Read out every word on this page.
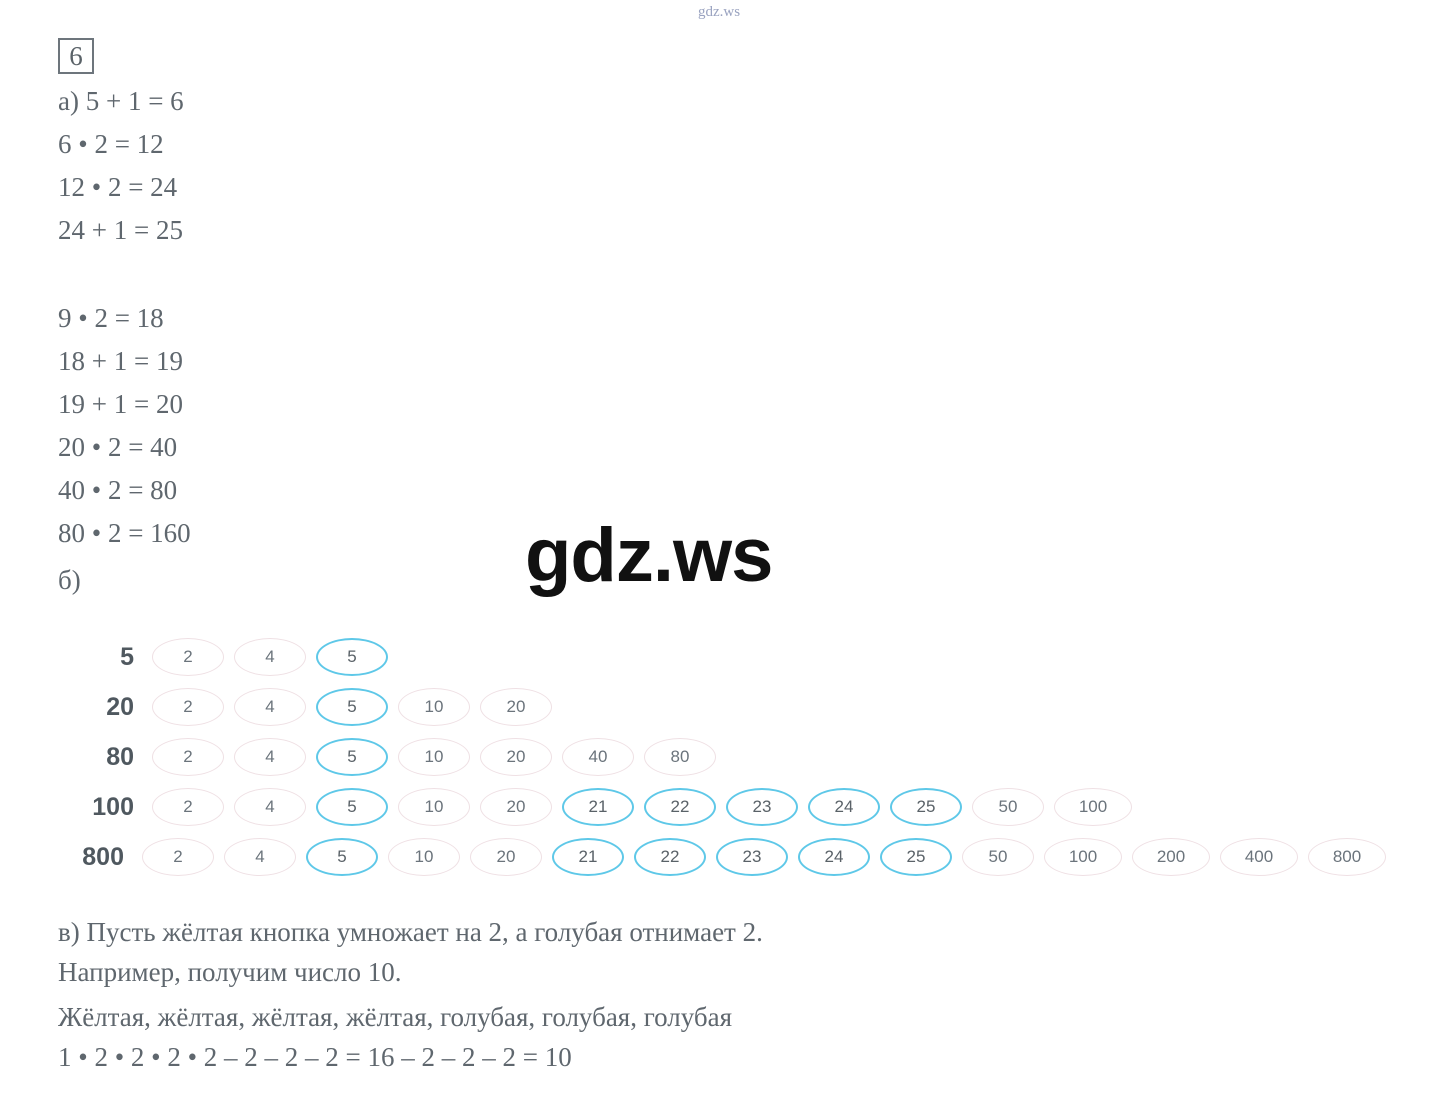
gdz.ws
6
а) 5 + 1 = 6
6 • 2 = 12
12 • 2 = 24
24 + 1 = 25
9 • 2 = 18
18 + 1 = 19
19 + 1 = 20
20 • 2 = 40
40 • 2 = 80
80 • 2 = 160
б)	gdz.ws
5	2	4	5
20	2	4	5	10	20
80	2	4	5	10	20	40	80
100	2	4	5	10	20	21	22	23	24	25	50	100
800	2	4	5	10	20	21	22	23	24	25	50	100	200	400	800
в) Пусть жёлтая кнопка умножает на 2, а голубая отнимает 2.
Например, получим число 10.
Жёлтая, жёлтая, жёлтая, жёлтая, голубая, голубая, голубая
1 • 2 • 2 • 2 • 2 – 2 – 2 – 2 = 16 – 2 – 2 – 2 = 10
